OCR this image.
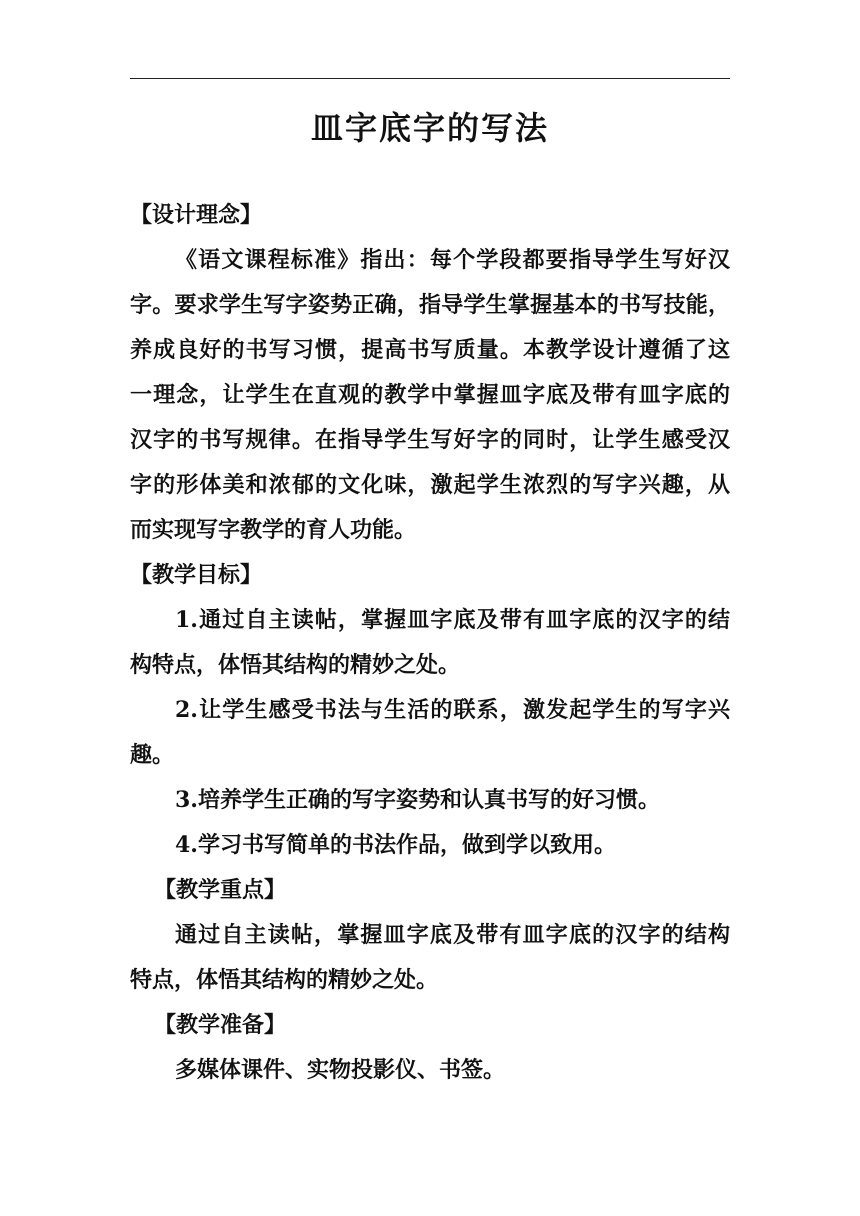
皿字底字的写法
【设计理念】
《语文课程标准》指出：每个学段都要指导学生写好汉
字。要求学生写字姿势正确，指导学生掌握基本的书写技能，
养成良好的书写习惯，提高书写质量。本教学设计遵循了这
一理念，让学生在直观的教学中掌握皿字底及带有皿字底的
汉字的书写规律。在指导学生写好字的同时，让学生感受汉
字的形体美和浓郁的文化味，激起学生浓烈的写字兴趣，从
而实现写字教学的育人功能。
【教学目标】
1.通过自主读帖，掌握皿字底及带有皿字底的汉字的结
构特点，体悟其结构的精妙之处。
2.让学生感受书法与生活的联系，激发起学生的写字兴
趣。
3.培养学生正确的写字姿势和认真书写的好习惯。
4.学习书写简单的书法作品，做到学以致用。
【教学重点】
通过自主读帖，掌握皿字底及带有皿字底的汉字的结构
特点，体悟其结构的精妙之处。
【教学准备】
多媒体课件、实物投影仪、书签。
